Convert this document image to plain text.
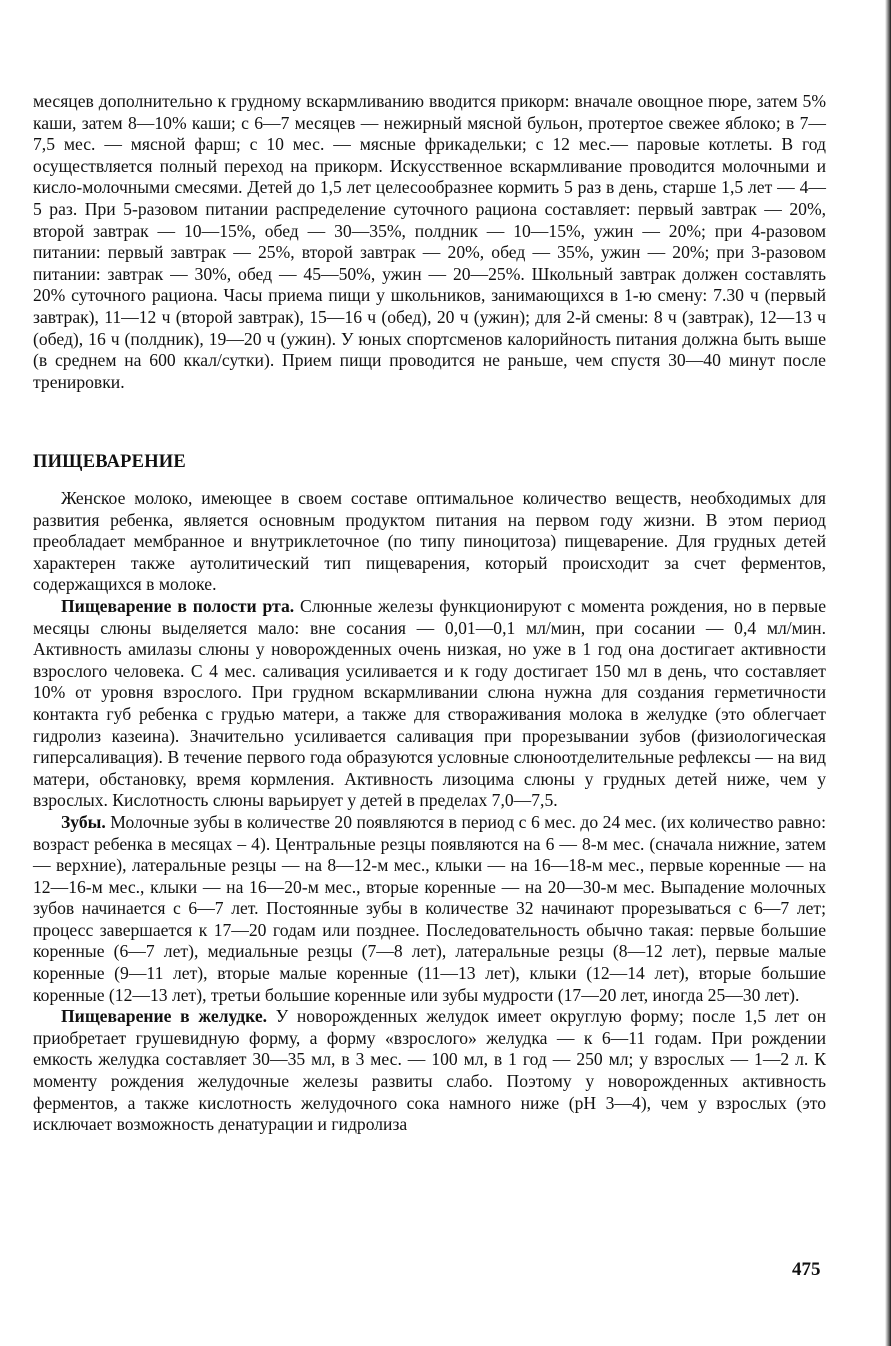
месяцев дополнительно к грудному вскармливанию вводится прикорм: вначале овощное пюре, затем 5% каши, затем 8—10% каши; с 6—7 месяцев — нежирный мясной бульон, протертое свежее яблоко; в 7—7,5 мес. — мясной фарш; с 10 мес. — мясные фрикадельки; с 12 мес.— паровые котлеты. В год осуществляется полный переход на прикорм. Искусственное вскармливание проводится молочными и кисло-молочными смесями. Детей до 1,5 лет целесообразнее кормить 5 раз в день, старше 1,5 лет — 4—5 раз. При 5-разовом питании распределение суточного рациона составляет: первый завтрак — 20%, второй завтрак — 10—15%, обед — 30—35%, полдник — 10—15%, ужин — 20%; при 4-разовом питании: первый завтрак — 25%, второй завтрак — 20%, обед — 35%, ужин — 20%; при 3-разовом питании: завтрак — 30%, обед — 45—50%, ужин — 20—25%. Школьный завтрак должен составлять 20% суточного рациона. Часы приема пищи у школьников, занимающихся в 1-ю смену: 7.30 ч (первый завтрак), 11—12 ч (второй завтрак), 15—16 ч (обед), 20 ч (ужин); для 2-й смены: 8 ч (завтрак), 12—13 ч (обед), 16 ч (полдник), 19—20 ч (ужин). У юных спортсменов калорийность питания должна быть выше (в среднем на 600 ккал/сутки). Прием пищи проводится не раньше, чем спустя 30—40 минут после тренировки.

ПИЩЕВАРЕНИЕ

Женское молоко, имеющее в своем составе оптимальное количество веществ, необходимых для развития ребенка, является основным продуктом питания на первом году жизни. В этом период преобладает мембранное и внутриклеточное (по типу пиноцитоза) пищеварение. Для грудных детей характерен также аутолитический тип пищеварения, который происходит за счет ферментов, содержащихся в молоке.

Пищеварение в полости рта. Слюнные железы функционируют с момента рождения, но в первые месяцы слюны выделяется мало: вне сосания — 0,01—0,1 мл/мин, при сосании — 0,4 мл/мин. Активность амилазы слюны у новорожденных очень низкая, но уже в 1 год она достигает активности взрослого человека. С 4 мес. саливация усиливается и к году достигает 150 мл в день, что составляет 10% от уровня взрослого. При грудном вскармливании слюна нужна для создания герметичности контакта губ ребенка с грудью матери, а также для створаживания молока в желудке (это облегчает гидролиз казеина). Значительно усиливается саливация при прорезывании зубов (физиологическая гиперсаливация). В течение первого года образуются условные слюноотделительные рефлексы — на вид матери, обстановку, время кормления. Активность лизоцима слюны у грудных детей ниже, чем у взрослых. Кислотность слюны варьирует у детей в пределах 7,0—7,5.

Зубы. Молочные зубы в количестве 20 появляются в период с 6 мес. до 24 мес. (их количество равно: возраст ребенка в месяцах – 4). Центральные резцы появляются на 6 — 8-м мес. (сначала нижние, затем — верхние), латеральные резцы — на 8—12-м мес., клыки — на 16—18-м мес., первые коренные — на 12—16-м мес., клыки — на 16—20-м мес., вторые коренные — на 20—30-м мес. Выпадение молочных зубов начинается с 6—7 лет. Постоянные зубы в количестве 32 начинают прорезываться с 6—7 лет; процесс завершается к 17—20 годам или позднее. Последовательность обычно такая: первые большие коренные (6—7 лет), медиальные резцы (7—8 лет), латеральные резцы (8—12 лет), первые малые коренные (9—11 лет), вторые малые коренные (11—13 лет), клыки (12—14 лет), вторые большие коренные (12—13 лет), третьи большие коренные или зубы мудрости (17—20 лет, иногда 25—30 лет).

Пищеварение в желудке. У новорожденных желудок имеет округлую форму; после 1,5 лет он приобретает грушевидную форму, а форму «взрослого» желудка — к 6—11 годам. При рождении емкость желудка составляет 30—35 мл, в 3 мес. — 100 мл, в 1 год — 250 мл; у взрослых — 1—2 л. К моменту рождения желудочные железы развиты слабо. Поэтому у новорожденных активность ферментов, а также кислотность желудочного сока намного ниже (pH 3—4), чем у взрослых (это исключает возможность денатурации и гидролиза

475
